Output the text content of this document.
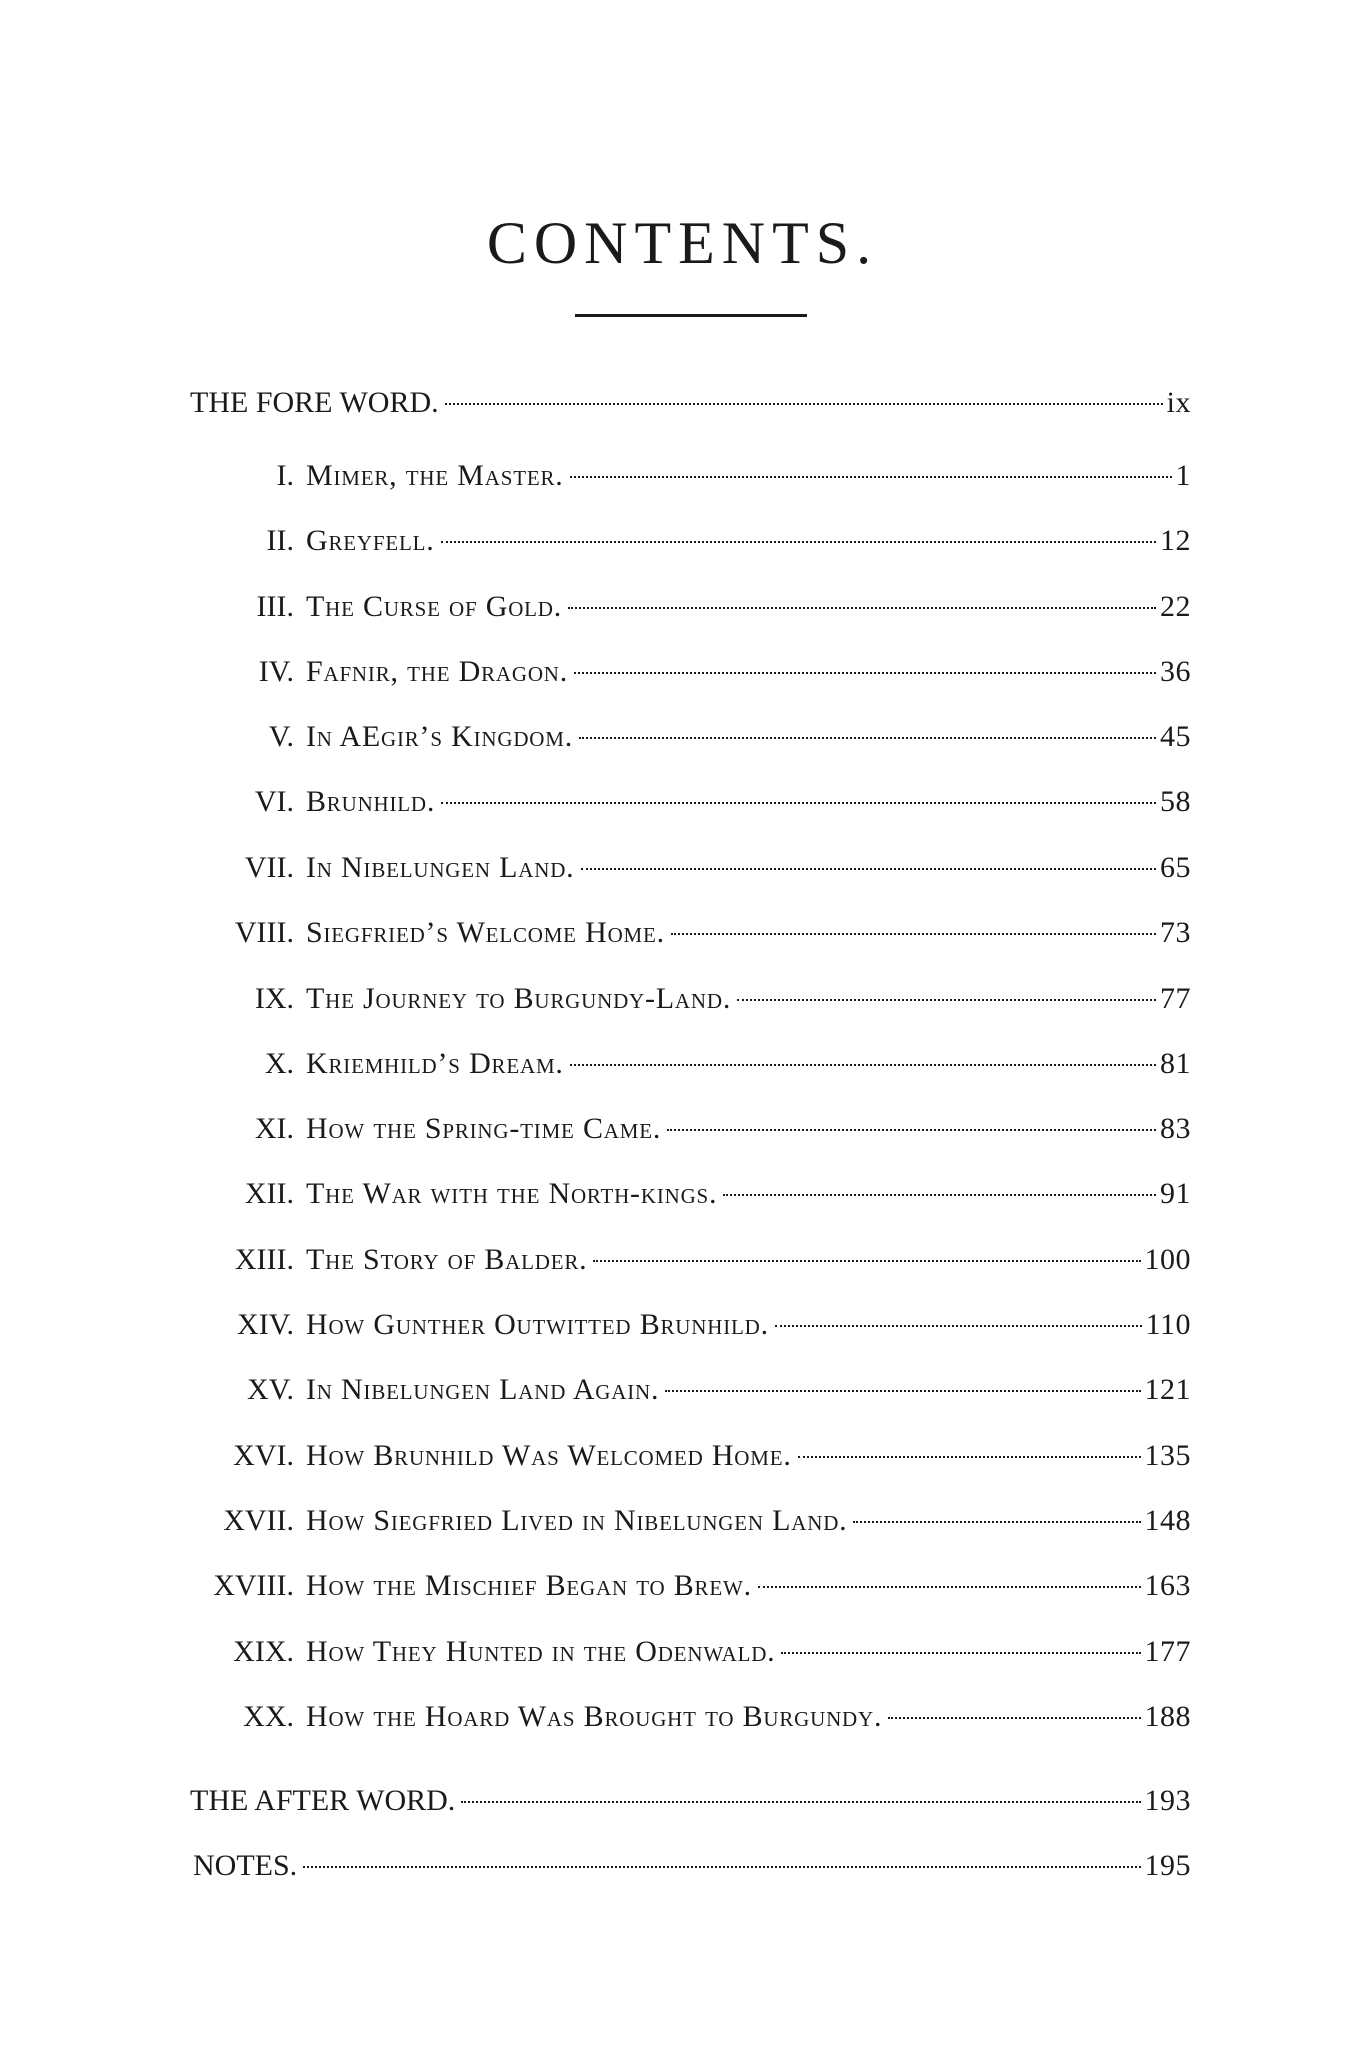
CONTENTS.
THE FORE WORD.	ix
I. Mimer, the Master.	1
II. Greyfell.	12
III. The Curse of Gold.	22
IV. Fafnir, the Dragon.	36
V. In AEgir’s Kingdom.	45
VI. Brunhild.	58
VII. In Nibelungen Land.	65
VIII. Siegfried’s Welcome Home.	73
IX. The Journey to Burgundy-Land.	77
X. Kriemhild’s Dream.	81
XI. How the Spring-time Came.	83
XII. The War with the North-kings.	91
XIII. The Story of Balder.	100
XIV. How Gunther Outwitted Brunhild.	110
XV. In Nibelungen Land Again.	121
XVI. How Brunhild Was Welcomed Home.	135
XVII. How Siegfried Lived in Nibelungen Land.	148
XVIII. How the Mischief Began to Brew.	163
XIX. How They Hunted in the Odenwald.	177
XX. How the Hoard Was Brought to Burgundy.	188
THE AFTER WORD.	193
NOTES.	195
